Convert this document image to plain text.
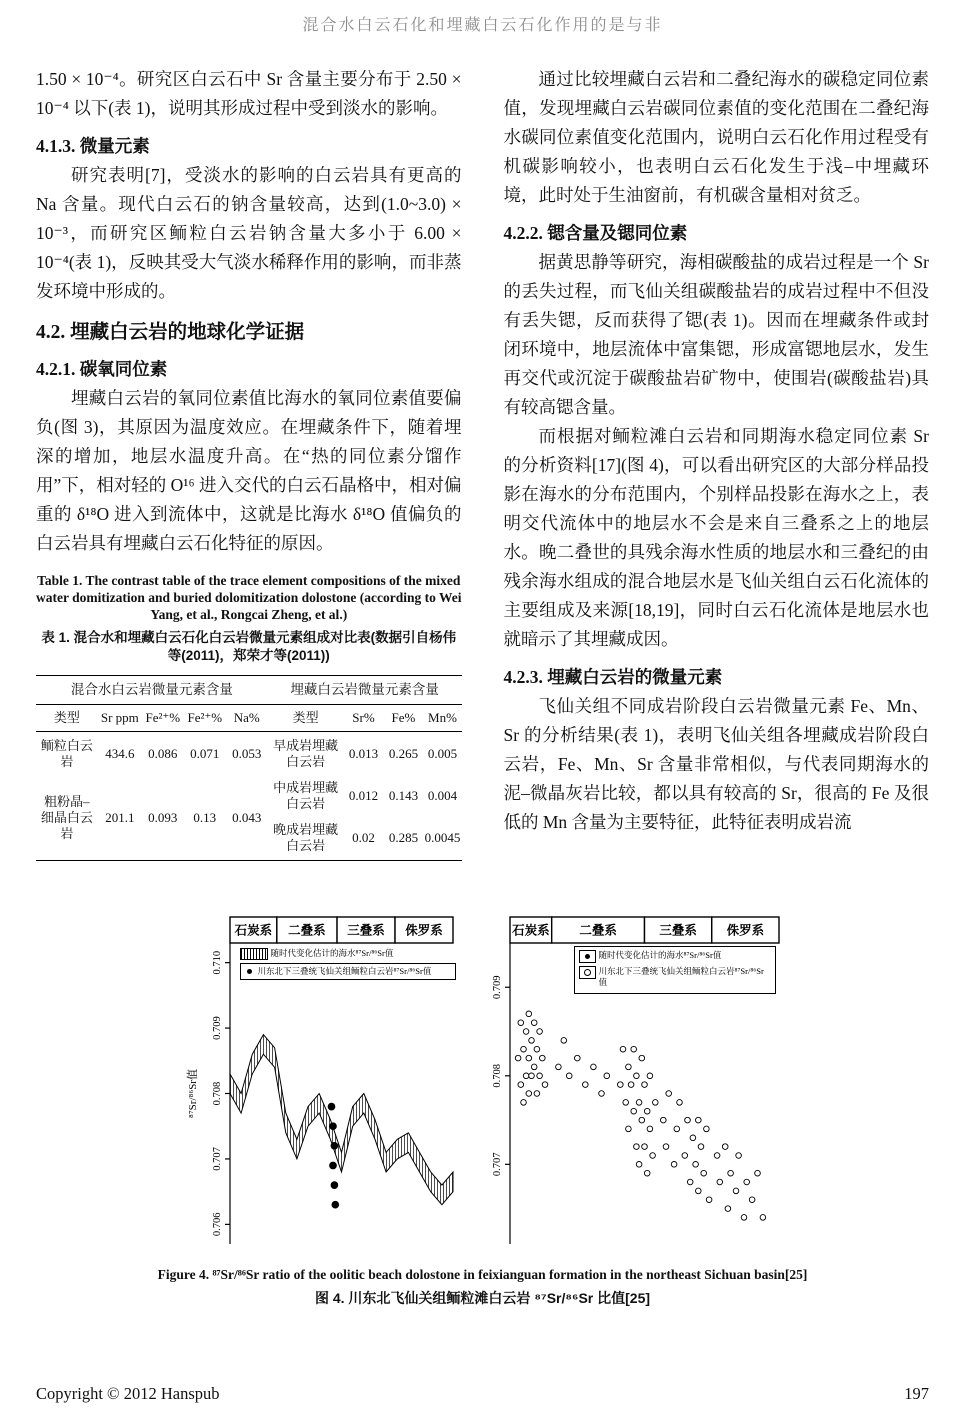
混合水白云石化和埋藏白云石化作用的是与非

1.50 × 10⁻⁴。研究区白云石中 Sr 含量主要分布于 2.50 × 10⁻⁴ 以下(表 1)，说明其形成过程中受到淡水的影响。

4.1.3. 微量元素

研究表明[7]，受淡水的影响的白云岩具有更高的 Na 含量。现代白云石的钠含量较高，达到(1.0~3.0) × 10⁻³，而研究区鲕粒白云岩钠含量大多小于 6.00 × 10⁻⁴(表 1)，反映其受大气淡水稀释作用的影响，而非蒸发环境中形成的。

4.2. 埋藏白云岩的地球化学证据
4.2.1. 碳氧同位素

埋藏白云岩的氧同位素值比海水的氧同位素值要偏负(图 3)，其原因为温度效应。在埋藏条件下，随着埋深的增加，地层水温度升高。在“热的同位素分馏作用”下，相对轻的 O¹⁶ 进入交代的白云石晶格中，相对偏重的 δ¹⁸O 进入到流体中，这就是比海水 δ¹⁸O 值偏负的白云岩具有埋藏白云石化特征的原因。

Table 1. The contrast table of the trace element compositions of the mixed water domitization and buried dolomitization dolostone (according to Wei Yang, et al., Rongcai Zheng, et al.)
表 1. 混合水和埋藏白云石化白云岩微量元素组成对比表(数据引自杨伟等(2011)，郑荣才等(2011))
混合水白云岩微量元素含量					埋藏白云岩微量元素含量			
类型	Sr ppm	Fe²⁺%	Fe²⁺%	Na%	类型	Sr%	Fe%	Mn%
鲕粒白云岩	434.6	0.086	0.071	0.053	早成岩埋藏白云岩	0.013	0.265	0.005
粗粉晶–细晶白云岩	201.1	0.093	0.13	0.043	中成岩埋藏白云岩	0.012	0.143	0.004
					晚成岩埋藏白云岩	0.02	0.285	0.0045

通过比较埋藏白云岩和二叠纪海水的碳稳定同位素值，发现埋藏白云岩碳同位素值的变化范围在二叠纪海水碳同位素值变化范围内，说明白云石化作用过程受有机碳影响较小，也表明白云石化发生于浅–中埋藏环境，此时处于生油窗前，有机碳含量相对贫乏。

4.2.2. 锶含量及锶同位素

据黄思静等研究，海相碳酸盐的成岩过程是一个 Sr 的丢失过程，而飞仙关组碳酸盐岩的成岩过程中不但没有丢失锶，反而获得了锶(表 1)。因而在埋藏条件或封闭环境中，地层流体中富集锶，形成富锶地层水，发生再交代或沉淀于碳酸盐岩矿物中，使围岩(碳酸盐岩)具有较高锶含量。

而根据对鲕粒滩白云岩和同期海水稳定同位素 Sr 的分析资料[17](图 4)，可以看出研究区的大部分样品投影在海水的分布范围内，个别样品投影在海水之上，表明交代流体中的地层水不会是来自三叠系之上的地层水。晚二叠世的具残余海水性质的地层水和三叠纪的由残余海水组成的混合地层水是飞仙关组白云石化流体的主要组成及来源[18,19]，同时白云石化流体是地层水也就暗示了其埋藏成因。

4.2.3. 埋藏白云岩的微量元素

飞仙关组不同成岩阶段白云岩微量元素 Fe、Mn、Sr 的分析结果(表 1)，表明飞仙关组各埋藏成岩阶段白云岩，Fe、Mn、Sr 含量非常相似，与代表同期海水的泥–微晶灰岩比较，都以具有较高的 Sr，很高的 Fe 及很低的 Mn 含量为主要特征，此特征表明成岩流

石炭系 二叠系 三叠系 侏罗系
0.710
0.709
0.708
0.707
0.706
⁸⁷Sr/⁸⁶Sr值
随时代变化估计的海水⁸⁷Sr/⁸⁶Sr值
川东北下三叠统飞仙关组鲕粒白云岩⁸⁷Sr/⁸⁶Sr值
石炭系 二叠系	三叠系 侏罗系
0.709
0.708
0.707
随时代变化估计的海水⁸⁷Sr/⁸⁶Sr值
川东北下三叠统飞仙关组鲕粒白云岩⁸⁷Sr/⁸⁶Sr值
Figure 4. ⁸⁷Sr/⁸⁶Sr ratio of the oolitic beach dolostone in feixianguan formation in the northeast Sichuan basin[25]
图 4. 川东北飞仙关组鲕粒滩白云岩 ⁸⁷Sr/⁸⁶Sr 比值[25]
Copyright © 2012 Hanspub	197
